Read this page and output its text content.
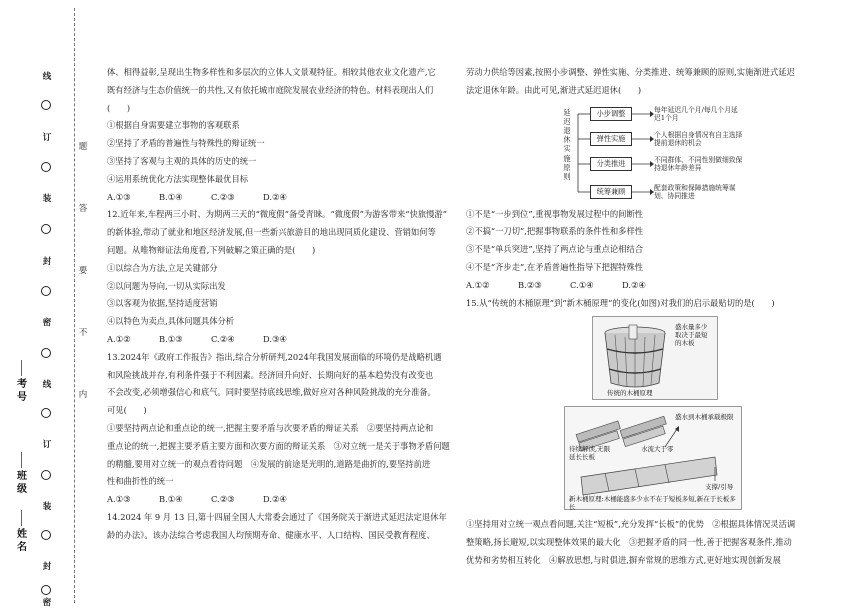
线
订
装
封
密
线
订
装
封
密
题
答
要
不
内
考号
班级
姓名

体、相得益彰,呈现出生物多样性和多层次的立体人文景观特征。相较其他农业文化遗产,它

既有经济与生态价值统一的共性,又有依托城市庭院发展农业经济的特色。材料表现出人们

(　　)

①根据自身需要建立事物的客观联系

②坚持了矛盾的普遍性与特殊性的辩证统一

③坚持了客观与主观的具体的历史的统一

④运用系统优化方法实现整体最优目标

A.①③	B.①④	C.②③	D.②④

12.近年来,车程两三小时、为期两三天的“微度假”备受青睐。“微度假”为游客带来“快旅慢游”

的新体验,带动了就业和地区经济发展,但一些新兴旅游目的地出现同质化建设、营销如何等

问题。从唯物辩证法角度看,下列破解之策正确的是(　　)

①以综合为方法,立足关键部分

②以问题为导向,一切从实际出发

③以客观为依据,坚持适度营销

④以特色为卖点,具体问题具体分析

A.①②	B.①③	C.②④	D.③④

13.2024年《政府工作报告》指出,综合分析研判,2024年我国发展面临的环境仍是战略机遇

和风险挑战并存,有利条件强于不利因素。经济回升向好、长期向好的基本趋势没有改变也

不会改变,必须增强信心和底气。同时要坚持底线思维,做好应对各种风险挑战的充分准备。

可见(　　)

①要坚持两点论和重点论的统一,把握主要矛盾与次要矛盾的辩证关系　②要坚持两点论和

重点论的统一,把握主要矛盾主要方面和次要方面的辩证关系　③对立统一是关于事物矛盾问题

的精髓,要用对立统一的观点看待问题　④发展的前途是光明的,道路是曲折的,要坚持前进

性和曲折性的统一

A.①③	B.①④	C.②③	D.②④

14.2024 年 9 月 13 日,第十四届全国人大常委会通过了《国务院关于渐进式延迟法定退休年

龄的办法》。该办法综合考虑我国人均预期寿命、健康水平、人口结构、国民受教育程度、

劳动力供给等因素,按照小步调整、弹性实施、分类推进、统筹兼顾的原则,实施渐进式延迟

法定退休年龄。由此可见,渐进式延迟退休(　　)

延迟退休实施原则
小步调整	每年延迟几个月/每几个月延迟1个月
弹性实施	个人根据自身情况有自主选择提前退休的机会
分类推进	不同群体、不同性别做细致保持退休年龄差异
统筹兼顾	配套政策和保障措施统筹谋划、协同推进

①不是“一步到位”,重视事物发展过程中的间断性

②不搞“一刀切”,把握事物联系的条件性和多样性

③不是“单兵突进”,坚持了两点论与重点论相结合

④不是“齐步走”,在矛盾普遍性指导下把握特殊性

A.①②	B.②③	C.①④	D.②④

15.从“传统的木桶原理”到“新木桶原理”的变化(如图)对我们的启示最贴切的是(　　)

传统的木桶原理
盛水量多少取决于最短的木板
盛水到木桶承载极限
待续解读,无限延长长板
水流大于零
支撑/引导
新木桶原理:木桶能盛多少水不在于短板多短,新在于长板多长

①坚持用对立统一观点看问题,关注“短板”,充分发挥“长板”的优势　②根据具体情况灵活调

整策略,扬长避短,以实现整体效果的最大化　③把握矛盾的同一性,善于把握客观条件,推动

优势和劣势相互转化　④解放思想,与时俱进,摒弃常规的思维方式,更好地实现创新发展
